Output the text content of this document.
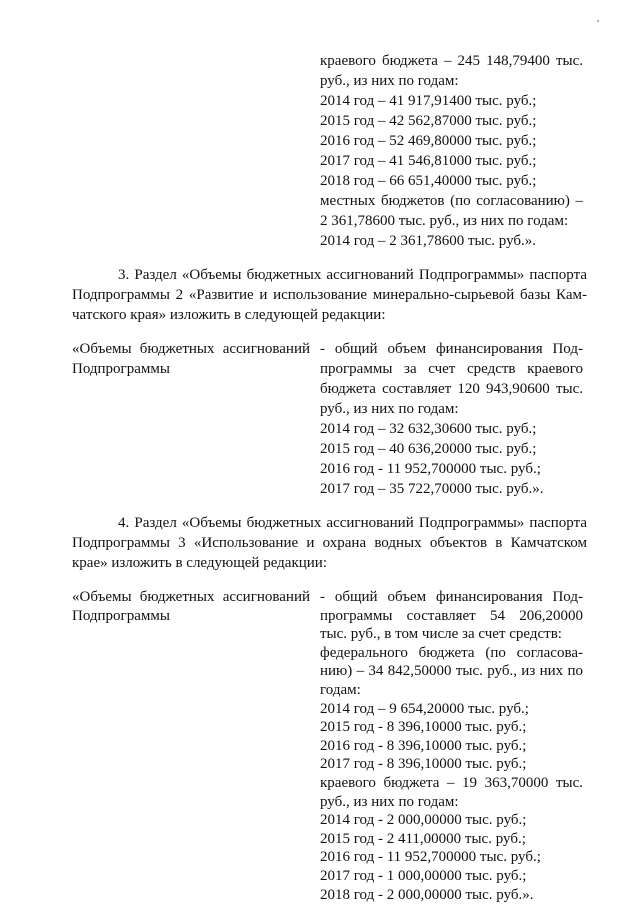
краевого бюджета – 245 148,79400 тыс.
руб., из них по годам:
2014 год – 41 917,91400 тыс. руб.;
2015 год – 42 562,87000 тыс. руб.;
2016 год – 52 469,80000 тыс. руб.;
2017 год – 41 546,81000 тыс. руб.;
2018 год – 66 651,40000 тыс. руб.;
местных бюджетов (по согласованию) –
2 361,78600 тыс. руб., из них по годам:
2014 год – 2 361,78600 тыс. руб.».
3. Раздел «Объемы бюджетных ассигнований Подпрограммы» паспорта
Подпрограммы 2 «Развитие и использование минерально-сырьевой базы Кам-
чатского края» изложить в следующей редакции:
«Объемы бюджетных ассигнований
Подпрограммы
- общий объем финансирования Под-
программы за счет средств краевого
бюджета составляет 120 943,90600 тыс.
руб., из них по годам:
2014 год – 32 632,30600 тыс. руб.;
2015 год – 40 636,20000 тыс. руб.;
2016 год - 11 952,700000 тыс. руб.;
2017 год – 35 722,70000 тыс. руб.».
4. Раздел «Объемы бюджетных ассигнований Подпрограммы» паспорта
Подпрограммы 3 «Использование и охрана водных объектов в Камчатском
крае» изложить в следующей редакции:
«Объемы бюджетных ассигнований
Подпрограммы
- общий объем финансирования Под-
программы составляет 54 206,20000
тыс. руб., в том числе за счет средств:
федерального бюджета (по согласова-
нию) – 34 842,50000 тыс. руб., из них по
годам:
2014 год – 9 654,20000 тыс. руб.;
2015 год - 8 396,10000 тыс. руб.;
2016 год - 8 396,10000 тыс. руб.;
2017 год - 8 396,10000 тыс. руб.;
краевого бюджета – 19 363,70000 тыс.
руб., из них по годам:
2014 год - 2 000,00000 тыс. руб.;
2015 год - 2 411,00000 тыс. руб.;
2016 год - 11 952,700000 тыс. руб.;
2017 год - 1 000,00000 тыс. руб.;
2018 год - 2 000,00000 тыс. руб.».
